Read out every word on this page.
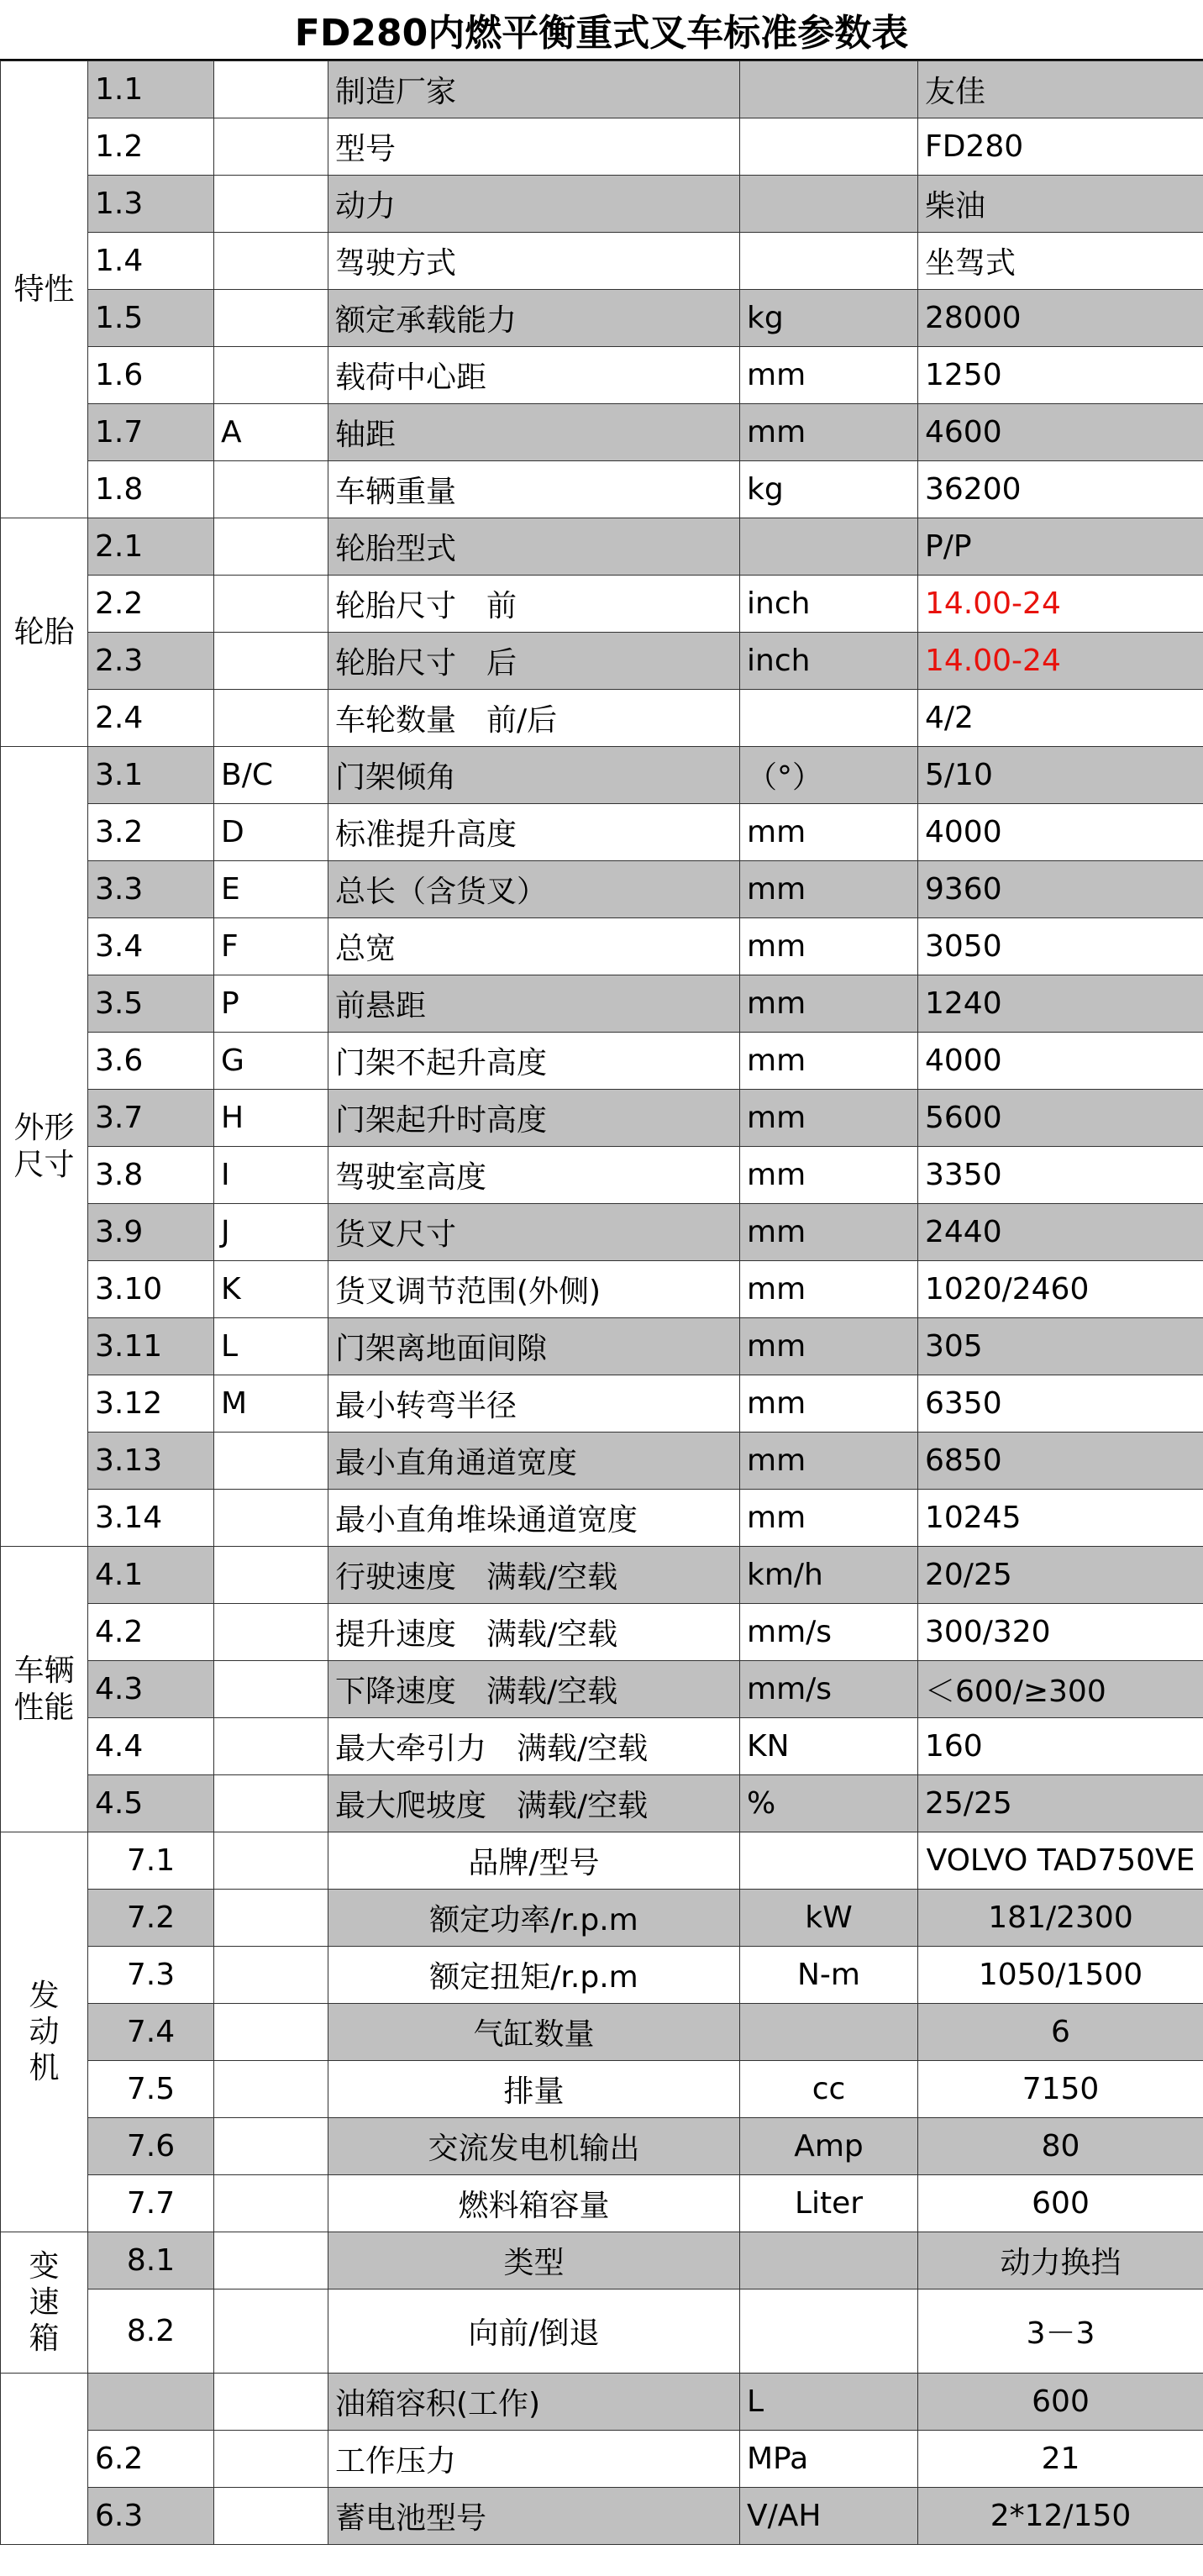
FD280内燃平衡重式叉车标准参数表
特性	1.1		制造厂家		友佳
	1.2		型号		FD280
	1.3		动力		柴油
	1.4		驾驶方式		坐驾式
	1.5		额定承载能力	kg	28000
	1.6		载荷中心距	mm	1250
	1.7	A	轴距	mm	4600
	1.8		车辆重量	kg	36200
轮胎	2.1		轮胎型式		P/P
	2.2		轮胎尺寸　前	inch	14.00-24
	2.3		轮胎尺寸　后	inch	14.00-24
	2.4		车轮数量　前/后		4/2
外形
尺寸	3.1	B/C	门架倾角	（°）	5/10
	3.2	D	标准提升高度	mm	4000
	3.3	E	总长（含货叉）	mm	9360
	3.4	F	总宽	mm	3050
	3.5	P	前悬距	mm	1240
	3.6	G	门架不起升高度	mm	4000
	3.7	H	门架起升时高度	mm	5600
	3.8	I	驾驶室高度	mm	3350
	3.9	J	货叉尺寸	mm	2440
	3.10	K	货叉调节范围(外侧)	mm	1020/2460
	3.11	L	门架离地面间隙	mm	305
	3.12	M	最小转弯半径	mm	6350
	3.13		最小直角通道宽度	mm	6850
	3.14		最小直角堆垛通道宽度	mm	10245
车辆
性能	4.1		行驶速度　满载/空载	km/h	20/25
	4.2		提升速度　满载/空载	mm/s	300/320
	4.3		下降速度　满载/空载	mm/s	＜600/≥300
	4.4		最大牵引力　满载/空载	KN	160
	4.5		最大爬坡度　满载/空载	%	25/25
发
动
机	7.1		品牌/型号		VOLVO TAD750VE
	7.2		额定功率/r.p.m	kW	181/2300
	7.3		额定扭矩/r.p.m	N-m	1050/1500
	7.4		气缸数量		6
	7.5		排量	cc	7150
	7.6		交流发电机输出	Amp	80
	7.7		燃料箱容量	Liter	600
变
速
箱	8.1		类型		动力换挡
	8.2		向前/倒退		3－3
			油箱容积(工作)	L	600
	6.2		工作压力	MPa	21
	6.3		蓄电池型号	V/AH	2*12/150
